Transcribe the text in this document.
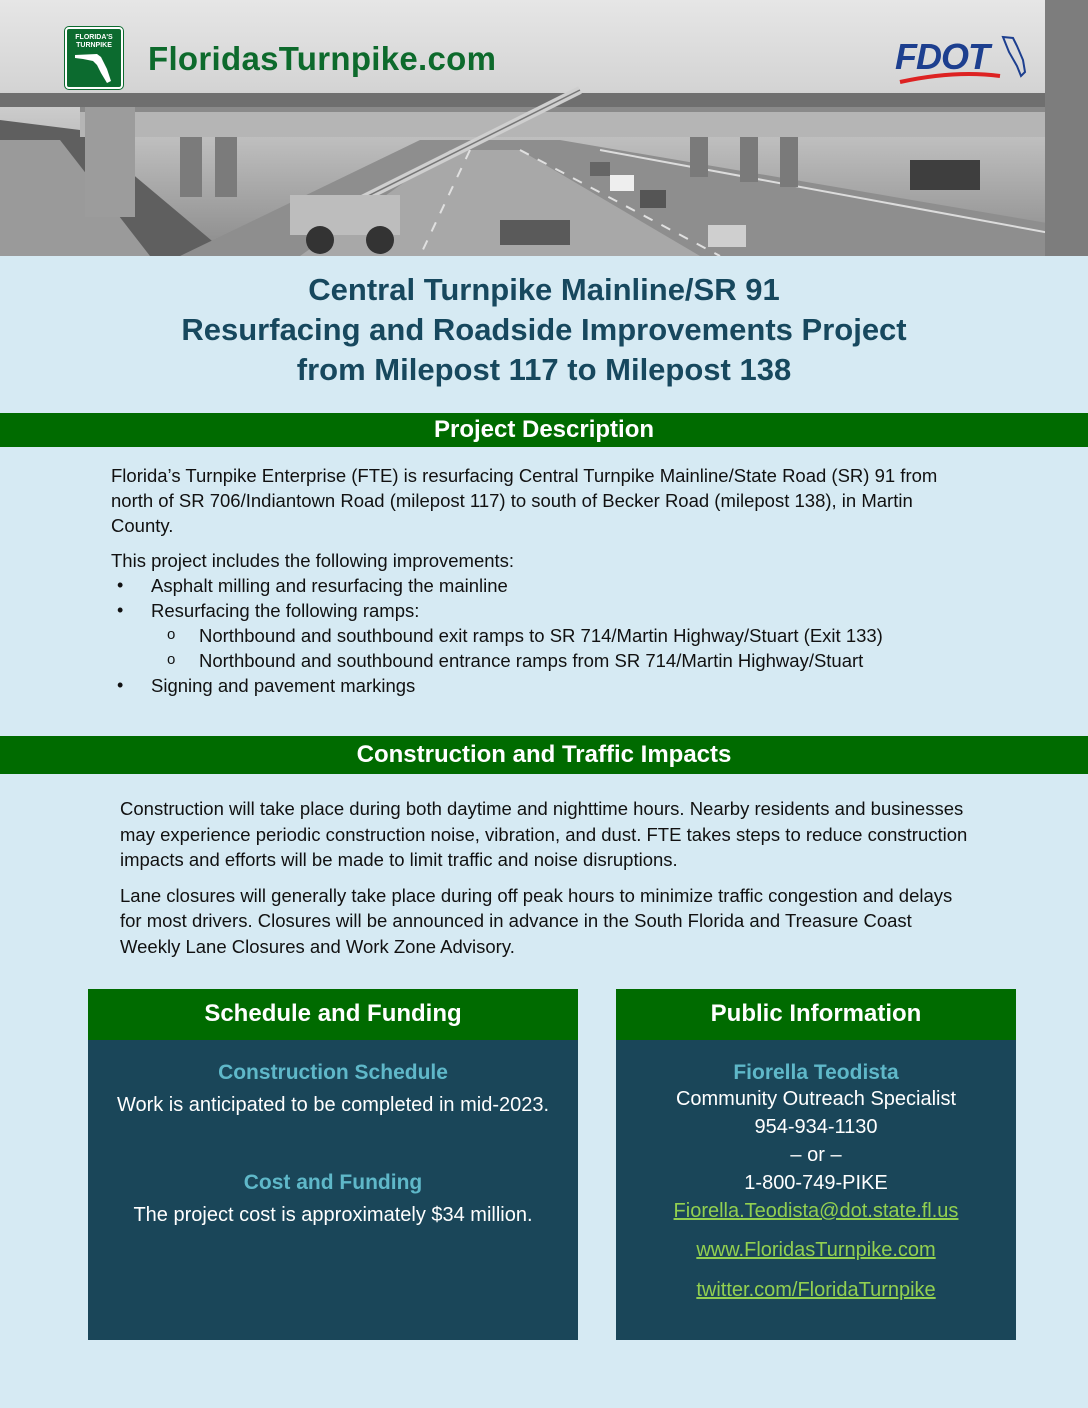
FLORIDA'S TURNPIKE FloridasTurnpike.com	FDOT
Central Turnpike Mainline/SR 91
Resurfacing and Roadside Improvements Project
from Milepost 117 to Milepost 138
Project Description

Florida’s Turnpike Enterprise (FTE) is resurfacing Central Turnpike Mainline/State Road (SR) 91 from north of SR 706/Indiantown Road (milepost 117) to south of Becker Road (milepost 138), in Martin County.

This project includes the following improvements:
• Asphalt milling and resurfacing the mainline
• Resurfacing the following ramps:
o Northbound and southbound exit ramps to SR 714/Martin Highway/Stuart (Exit 133)
o Northbound and southbound entrance ramps from SR 714/Martin Highway/Stuart
• Signing and pavement markings
Construction and Traffic Impacts

Construction will take place during both daytime and nighttime hours. Nearby residents and businesses may experience periodic construction noise, vibration, and dust. FTE takes steps to reduce construction impacts and efforts will be made to limit traffic and noise disruptions.

Lane closures will generally take place during off peak hours to minimize traffic congestion and delays for most drivers. Closures will be announced in advance in the South Florida and Treasure Coast Weekly Lane Closures and Work Zone Advisory.

Schedule and Funding
Construction Schedule
Work is anticipated to be completed in mid-2023.
Cost and Funding
The project cost is approximately $34 million.
Public Information
Fiorella Teodista
Community Outreach Specialist
954-934-1130
– or –
1-800-749-PIKE
Fiorella.Teodista@dot.state.fl.us
www.FloridasTurnpike.com
twitter.com/FloridaTurnpike
